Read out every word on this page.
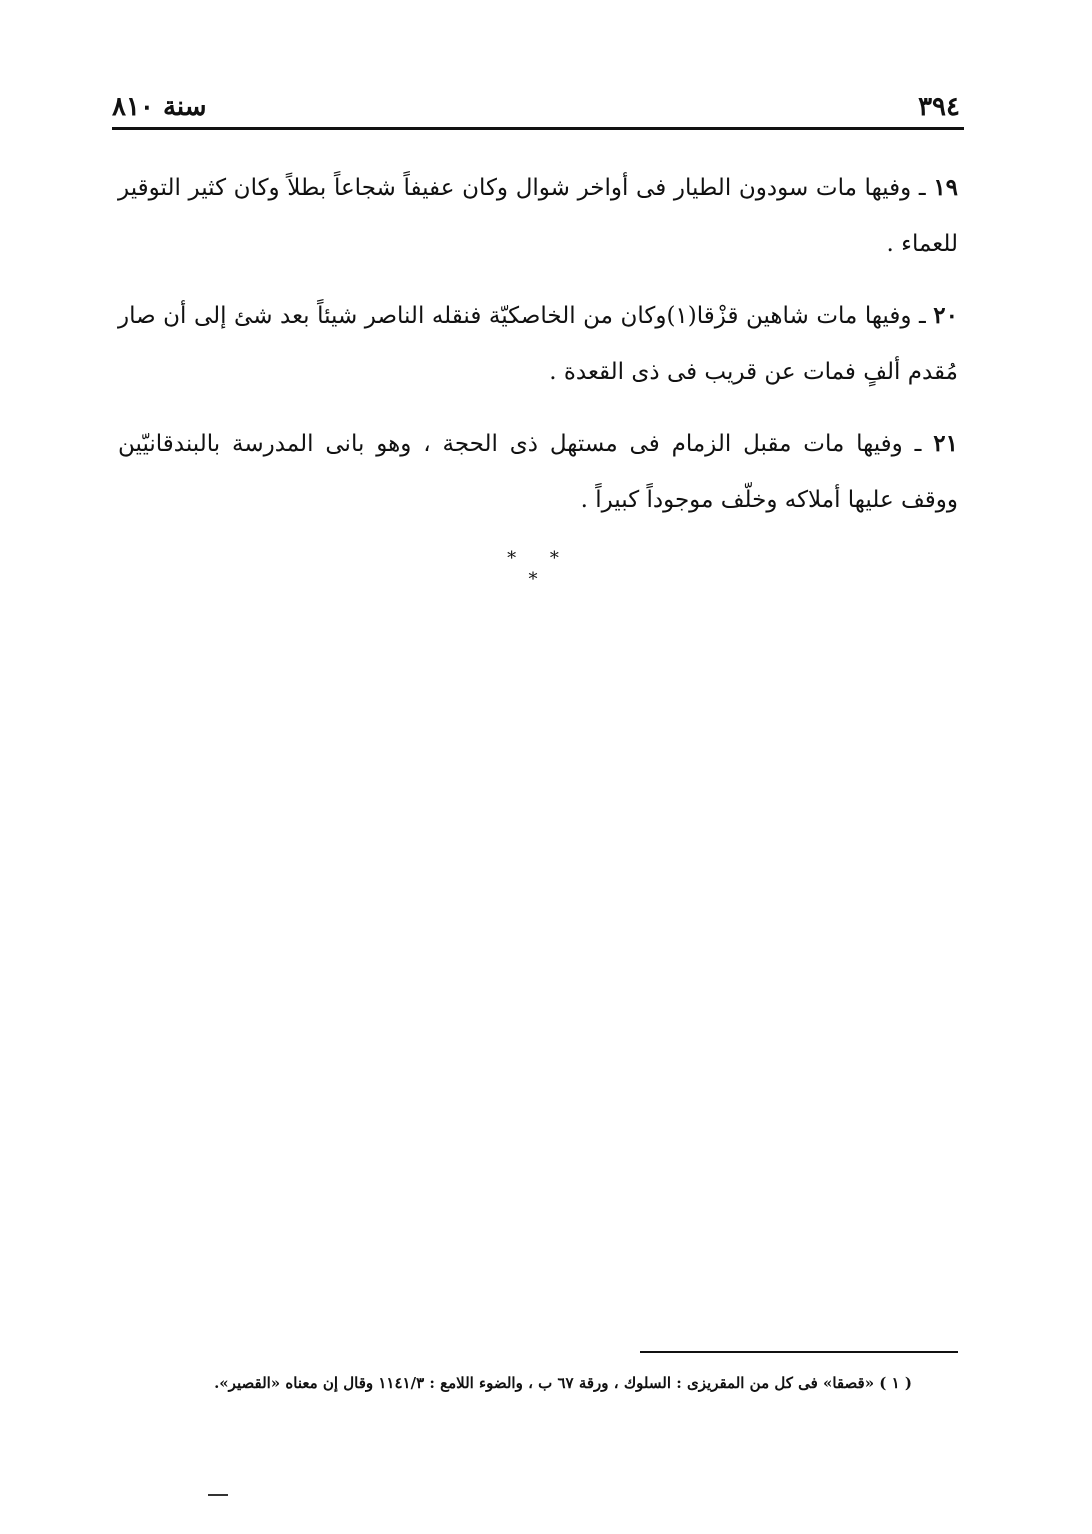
٣٩٤
سنة ٨١٠

١٩ ـ وفيها مات سودون الطيار فى أواخر شوال وكان عفيفاً شجاعاً بطلاً وكان كثير التوقير للعماء .

٢٠ ـ وفيها مات شاهين قزْقا(١)وكان من الخاصكيّة فنقله الناصر شيئاً بعد شئ إلى أن صار مُقدم ألفٍ فمات عن قريب فى ذى القعدة .

٢١ ـ وفيها مات مقبل الزمام فى مستهل ذى الحجة ، وهو بانى المدرسة بالبندقانيّين ووقف عليها أملاكه وخلّف موجوداً كبيراً .

* * *
( ١ ) «قصقا» فى كل من المقريزى : السلوك ، ورقة ٦٧ ب ، والضوء اللامع : ١١٤١/٣ وقال إن معناه «القصير».
